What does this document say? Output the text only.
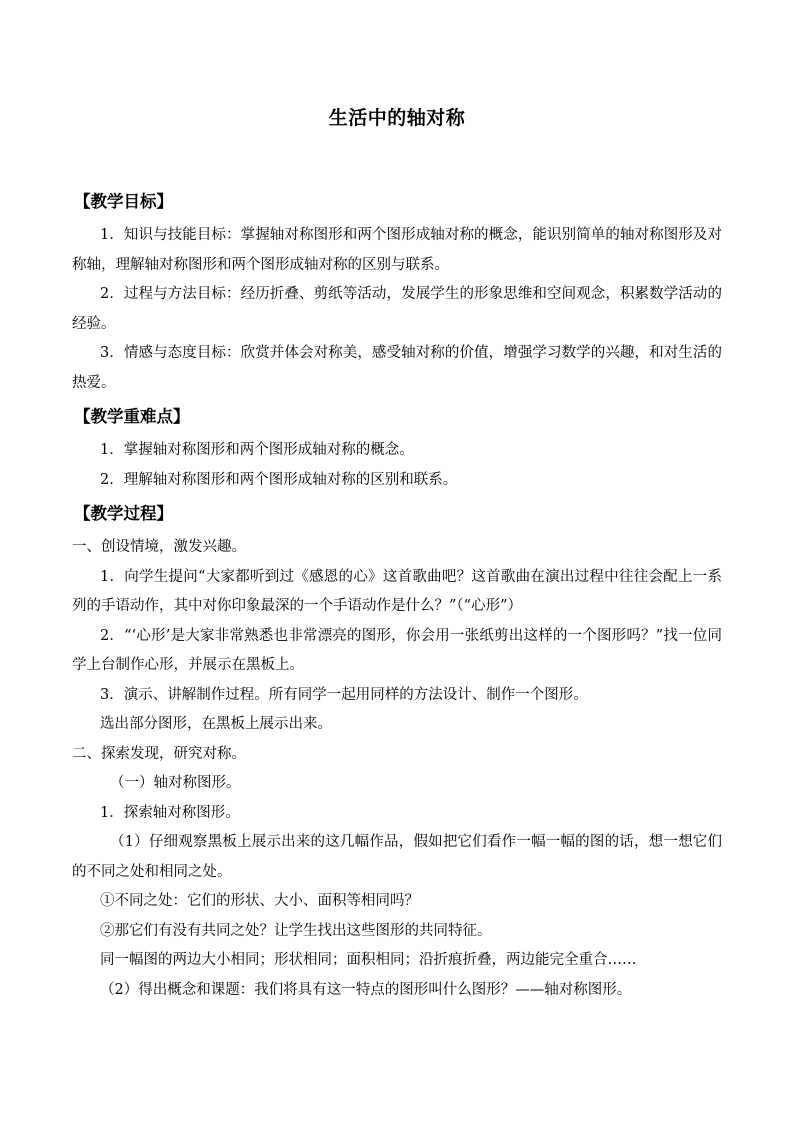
生活中的轴对称
【教学目标】

1．知识与技能目标：掌握轴对称图形和两个图形成轴对称的概念，能识别简单的轴对称图形及对称轴，理解轴对称图形和两个图形成轴对称的区别与联系。

2．过程与方法目标：经历折叠、剪纸等活动，发展学生的形象思维和空间观念，积累数学活动的经验。

3．情感与态度目标：欣赏并体会对称美，感受轴对称的价值，增强学习数学的兴趣，和对生活的热爱。

【教学重难点】

1．掌握轴对称图形和两个图形成轴对称的概念。

2．理解轴对称图形和两个图形成轴对称的区别和联系。

【教学过程】

一、创设情境，激发兴趣。

1．向学生提问“大家都听到过《感恩的心》这首歌曲吧？这首歌曲在演出过程中往往会配上一系列的手语动作，其中对你印象最深的一个手语动作是什么？”（“心形”）

2．“‘心形’是大家非常熟悉也非常漂亮的图形，你会用一张纸剪出这样的一个图形吗？”找一位同学上台制作心形，并展示在黑板上。

3．演示、讲解制作过程。所有同学一起用同样的方法设计、制作一个图形。

选出部分图形，在黑板上展示出来。

二、探索发现，研究对称。

（一）轴对称图形。

1．探索轴对称图形。

（1）仔细观察黑板上展示出来的这几幅作品，假如把它们看作一幅一幅的图的话，想一想它们的不同之处和相同之处。

①不同之处：它们的形状、大小、面积等相同吗？

②那它们有没有共同之处？让学生找出这些图形的共同特征。

同一幅图的两边大小相同；形状相同；面积相同；沿折痕折叠，两边能完全重合……

（2）得出概念和课题：我们将具有这一特点的图形叫什么图形？——轴对称图形。
